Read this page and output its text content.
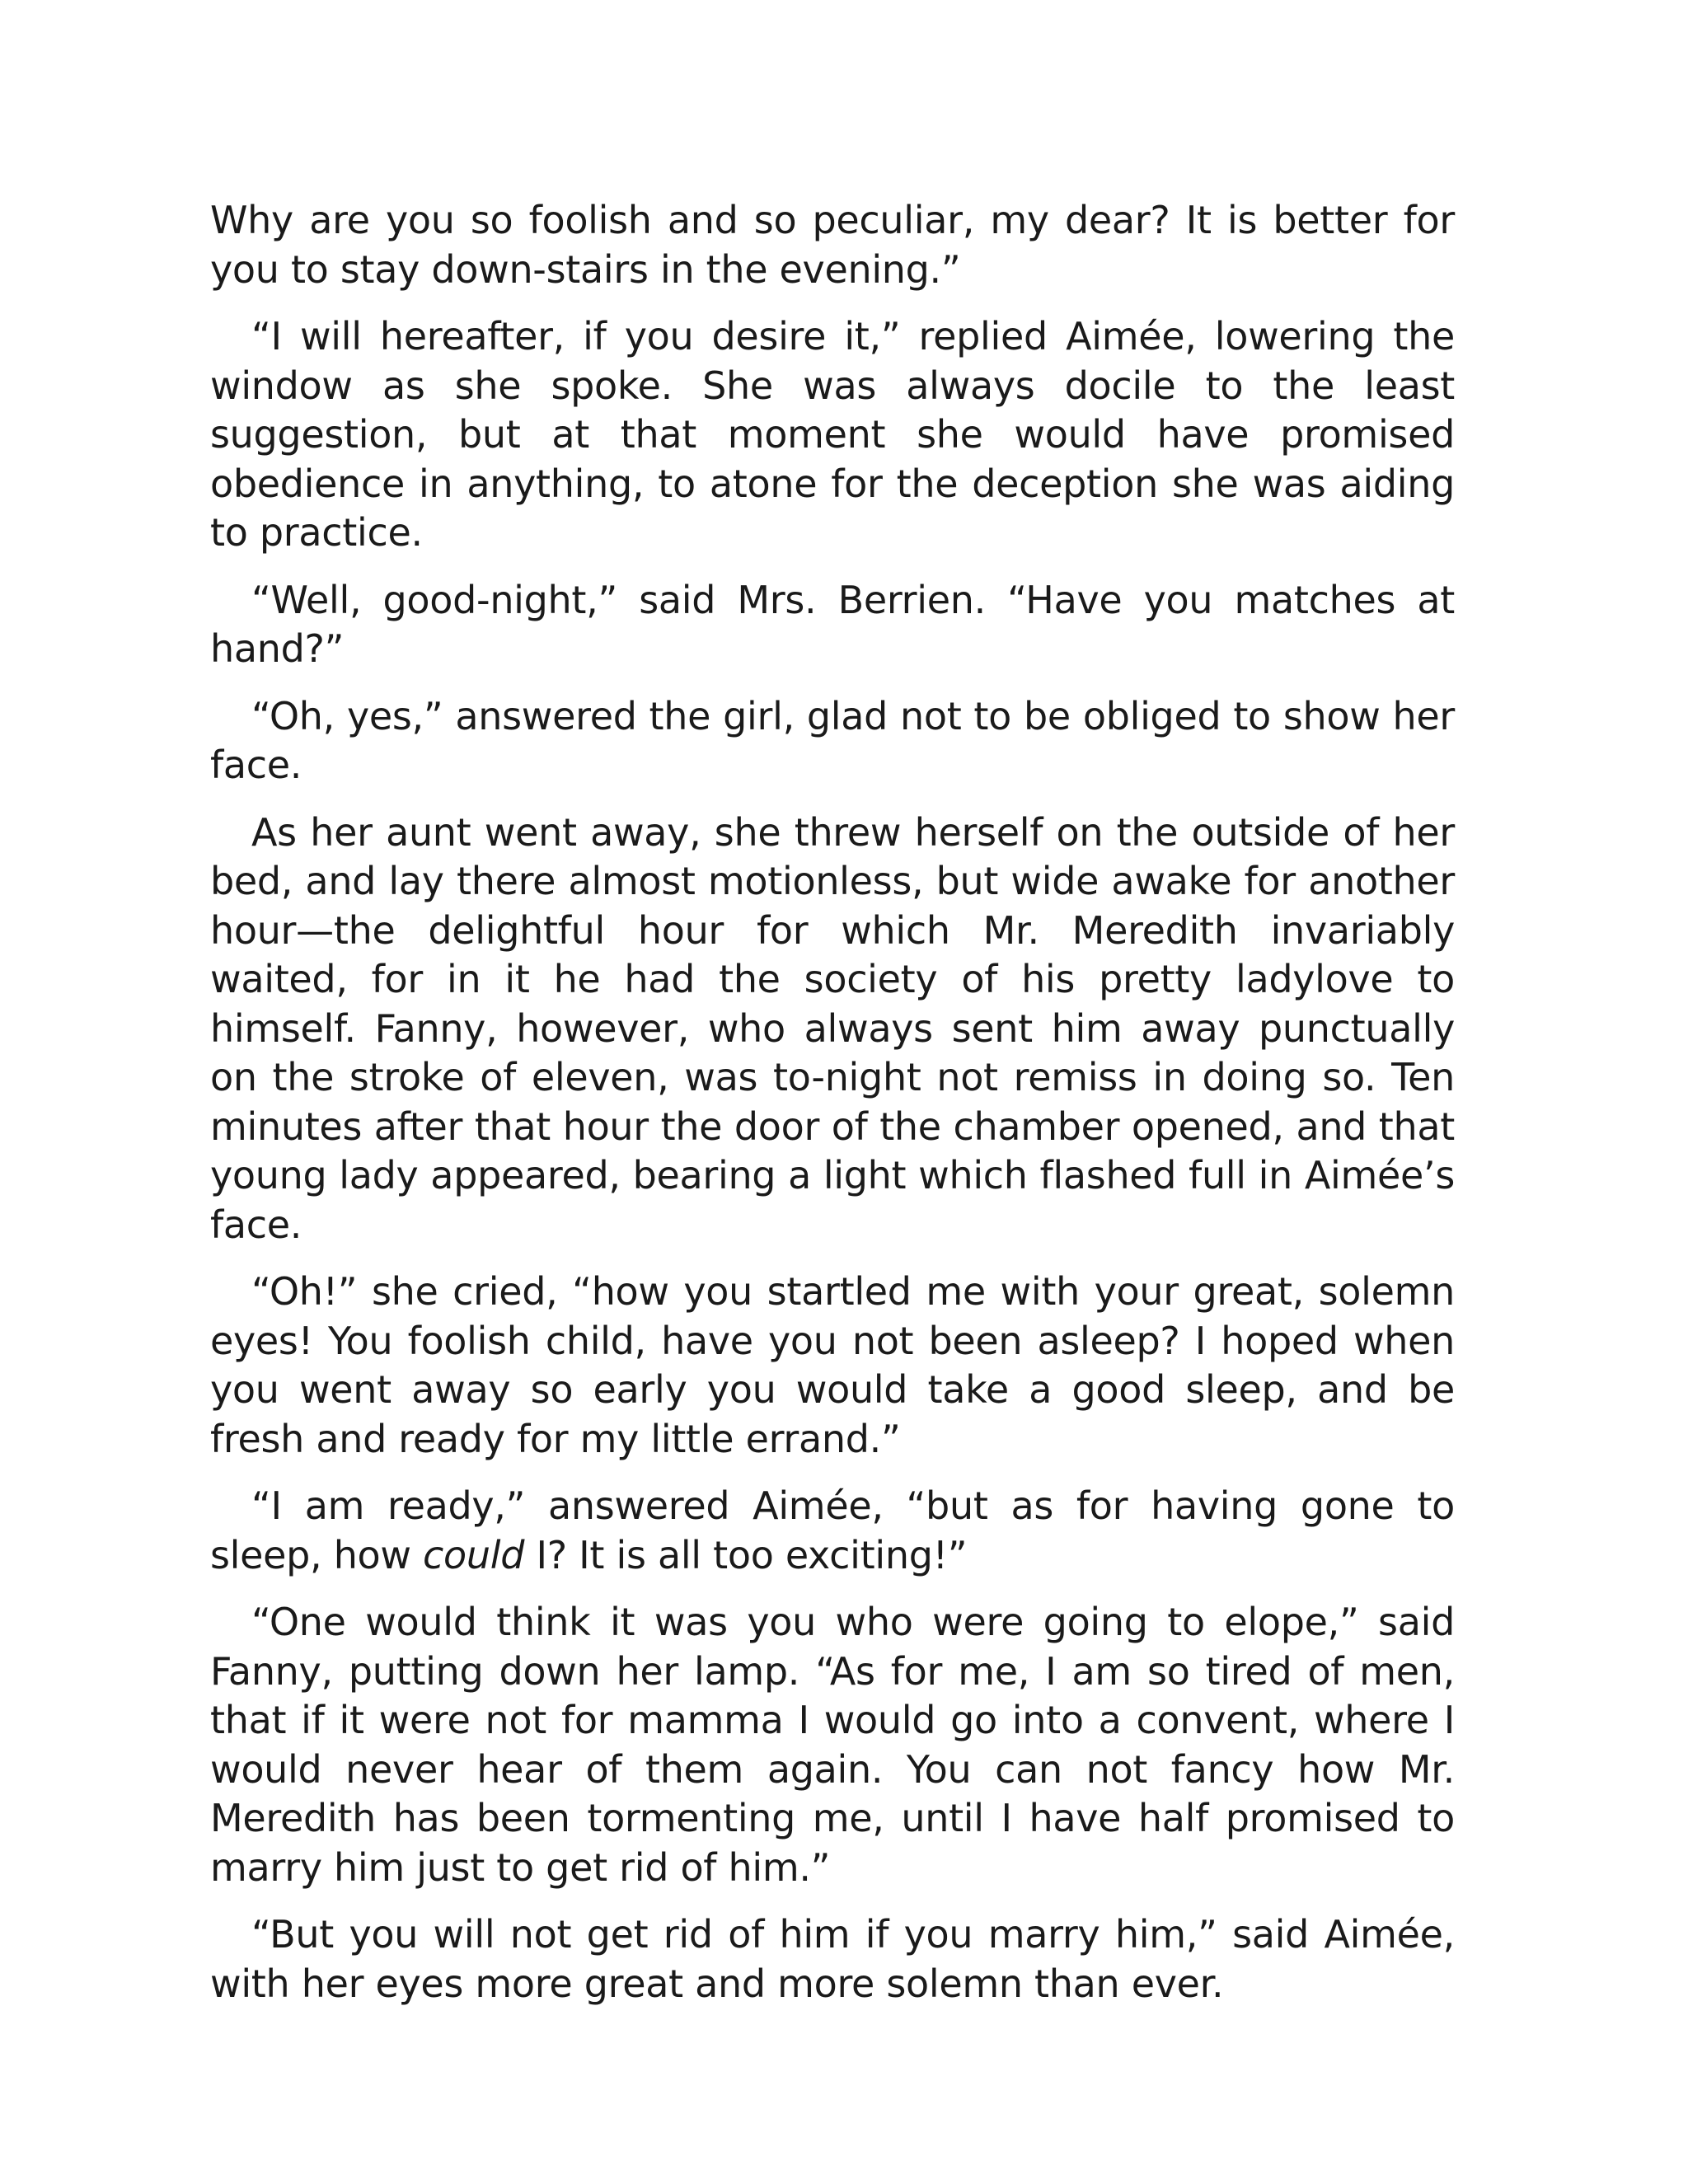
Why are you so foolish and so peculiar, my dear? It is better for you to stay down-stairs in the evening.”

“I will hereafter, if you desire it,” replied Aimée, lowering the window as she spoke. She was always docile to the least suggestion, but at that moment she would have promised obedience in anything, to atone for the deception she was aiding to practice.

“Well, good-night,” said Mrs. Berrien. “Have you matches at hand?”

“Oh, yes,” answered the girl, glad not to be obliged to show her face.

As her aunt went away, she threw herself on the outside of her bed, and lay there almost motionless, but wide awake for another hour—the delightful hour for which Mr. Meredith invariably waited, for in it he had the society of his pretty ladylove to himself. Fanny, however, who always sent him away punctually on the stroke of eleven, was to-night not remiss in doing so. Ten minutes after that hour the door of the chamber opened, and that young lady appeared, bearing a light which flashed full in Aimée’s face.

“Oh!” she cried, “how you startled me with your great, solemn eyes! You foolish child, have you not been asleep? I hoped when you went away so early you would take a good sleep, and be fresh and ready for my little errand.”

“I am ready,” answered Aimée, “but as for having gone to sleep, how could I? It is all too exciting!”

“One would think it was you who were going to elope,” said Fanny, putting down her lamp. “As for me, I am so tired of men, that if it were not for mamma I would go into a convent, where I would never hear of them again. You can not fancy how Mr. Meredith has been tormenting me, until I have half promised to marry him just to get rid of him.”

“But you will not get rid of him if you marry him,” said Aimée, with her eyes more great and more solemn than ever.
